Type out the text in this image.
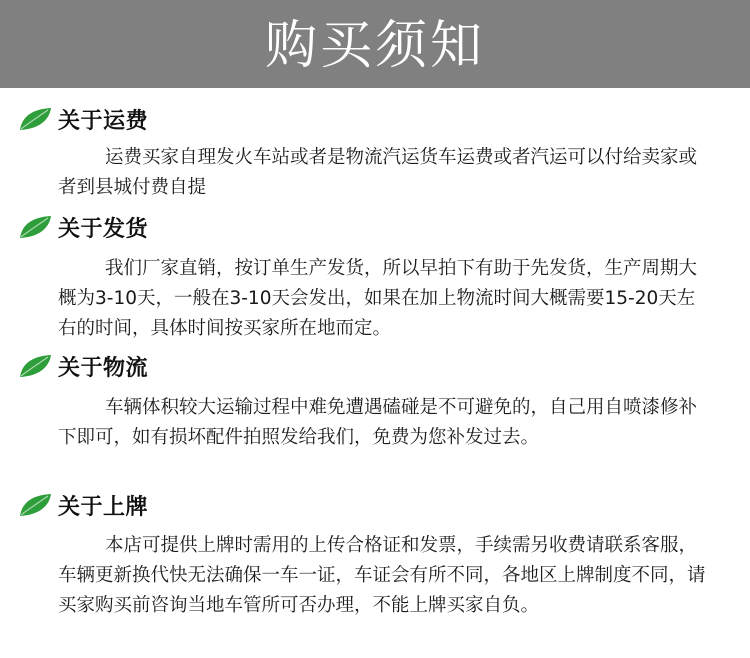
购买须知
关于运费

运费买家自理发火车站或者是物流汽运货车运费或者汽运可以付给卖家或者到县城付费自提

关于发货

我们厂家直销，按订单生产发货，所以早拍下有助于先发货，生产周期大概为3-10天，一般在3-10天会发出，如果在加上物流时间大概需要15-20天左右的时间，具体时间按买家所在地而定。

关于物流

车辆体积较大运输过程中难免遭遇磕碰是不可避免的，自己用自喷漆修补下即可，如有损坏配件拍照发给我们，免费为您补发过去。

关于上牌

本店可提供上牌时需用的上传合格证和发票，手续需另收费请联系客服，车辆更新换代快无法确保一车一证，车证会有所不同，各地区上牌制度不同，请买家购买前咨询当地车管所可否办理，不能上牌买家自负。
